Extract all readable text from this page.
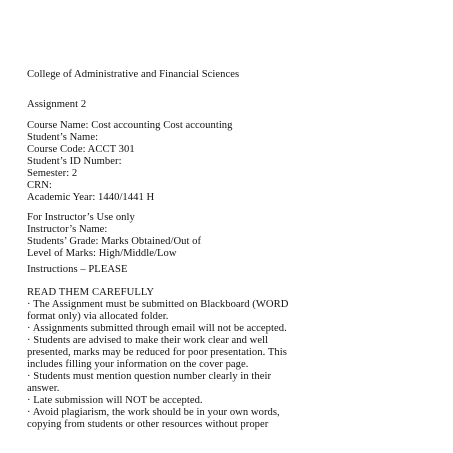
College of Administrative and Financial Sciences
Assignment 2
Course Name: Cost accounting Cost accounting
Student’s Name:
Course Code: ACCT 301
Student’s ID Number:
Semester: 2
CRN:
Academic Year: 1440/1441 H
For Instructor’s Use only
Instructor’s Name:
Students’ Grade: Marks Obtained/Out of
Level of Marks: High/Middle/Low
Instructions – PLEASE
READ THEM CAREFULLY
· The Assignment must be submitted on Blackboard (WORD
format only) via allocated folder.
· Assignments submitted through email will not be accepted.
· Students are advised to make their work clear and well
presented, marks may be reduced for poor presentation. This
includes filling your information on the cover page.
· Students must mention question number clearly in their
answer.
· Late submission will NOT be accepted.
· Avoid plagiarism, the work should be in your own words,
copying from students or other resources without proper
